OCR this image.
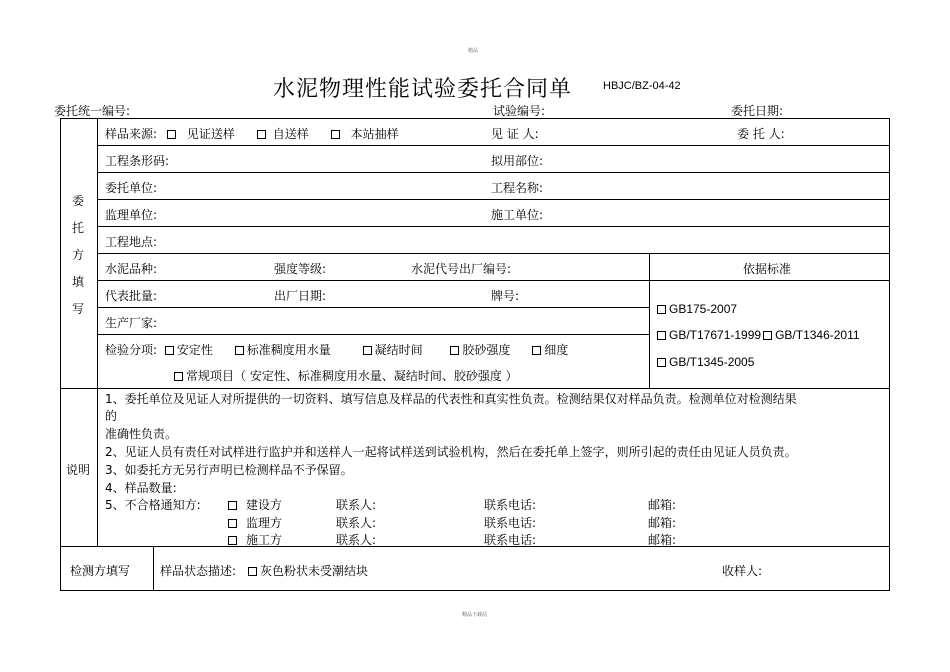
精品
水泥物理性能试验委托合同单	HBJC/BZ-04-42
委托统一编号:	试验编号:	委托日期:
委
托
方
填
写
样品来源: 见证送样	自送样	本站抽样	见 证 人:	委 托 人:
工程条形码:	拟用部位:
委托单位:	工程名称:
监理单位:	施工单位:
工程地点:
水泥品种:	强度等级:	水泥代号出厂编号:	依据标准
代表批量:	出厂日期:	牌号:
生产厂家:
检验分项: 安定性	标准稠度用水量	凝结时间	胶砂强度	细度
常规项目（ 安定性、标准稠度用水量、凝结时间、胶砂强度 ）
GB175-2007
GB/T17671-1999 GB/T1346-2011
GB/T1345-2005
说明
1、委托单位及见证人对所提供的一切资料、填写信息及样品的代表性和真实性负责。检测结果仅对样品负责。检测单位对检测结果
的
准确性负责。
2、见证人员有责任对试样进行监护并和送样人一起将试样送到试验机构，然后在委托单上签字，则所引起的责任由见证人员负责。
3、如委托方无另行声明已检测样品不予保留。
4、样品数量:
5、不合格通知方:	建设方	联系人:	联系电话:	邮箱:
监理方	联系人:	联系电话:	邮箱:
施工方	联系人:	联系电话:	邮箱:
检测方填写 样品状态描述:	灰色粉状未受潮结块	收样人:
精品下载站
